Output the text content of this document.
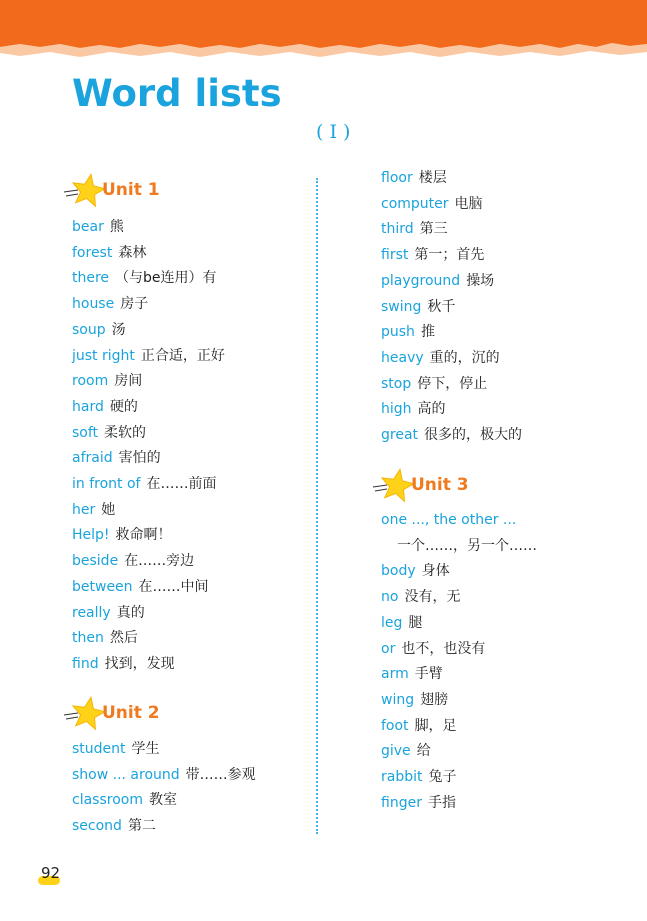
Word lists
( I )
Unit 1
bear 熊
forest 森林
there （与be连用）有
house 房子
soup 汤
just right 正合适，正好
room 房间
hard 硬的
soft 柔软的
afraid 害怕的
in front of 在……前面
her 她
Help! 救命啊！
beside 在……旁边
between 在……中间
really 真的
then 然后
find 找到，发现
Unit 2
student 学生
show ... around 带……参观
classroom 教室
second 第二
floor 楼层
computer 电脑
third 第三
first 第一；首先
playground 操场
swing 秋千
push 推
heavy 重的，沉的
stop 停下，停止
high 高的
great 很多的，极大的
Unit 3
one ..., the other ...
一个……，另一个……
body 身体
no 没有，无
leg 腿
or 也不，也没有
arm 手臂
wing 翅膀
foot 脚，足
give 给
rabbit 兔子
finger 手指
92
